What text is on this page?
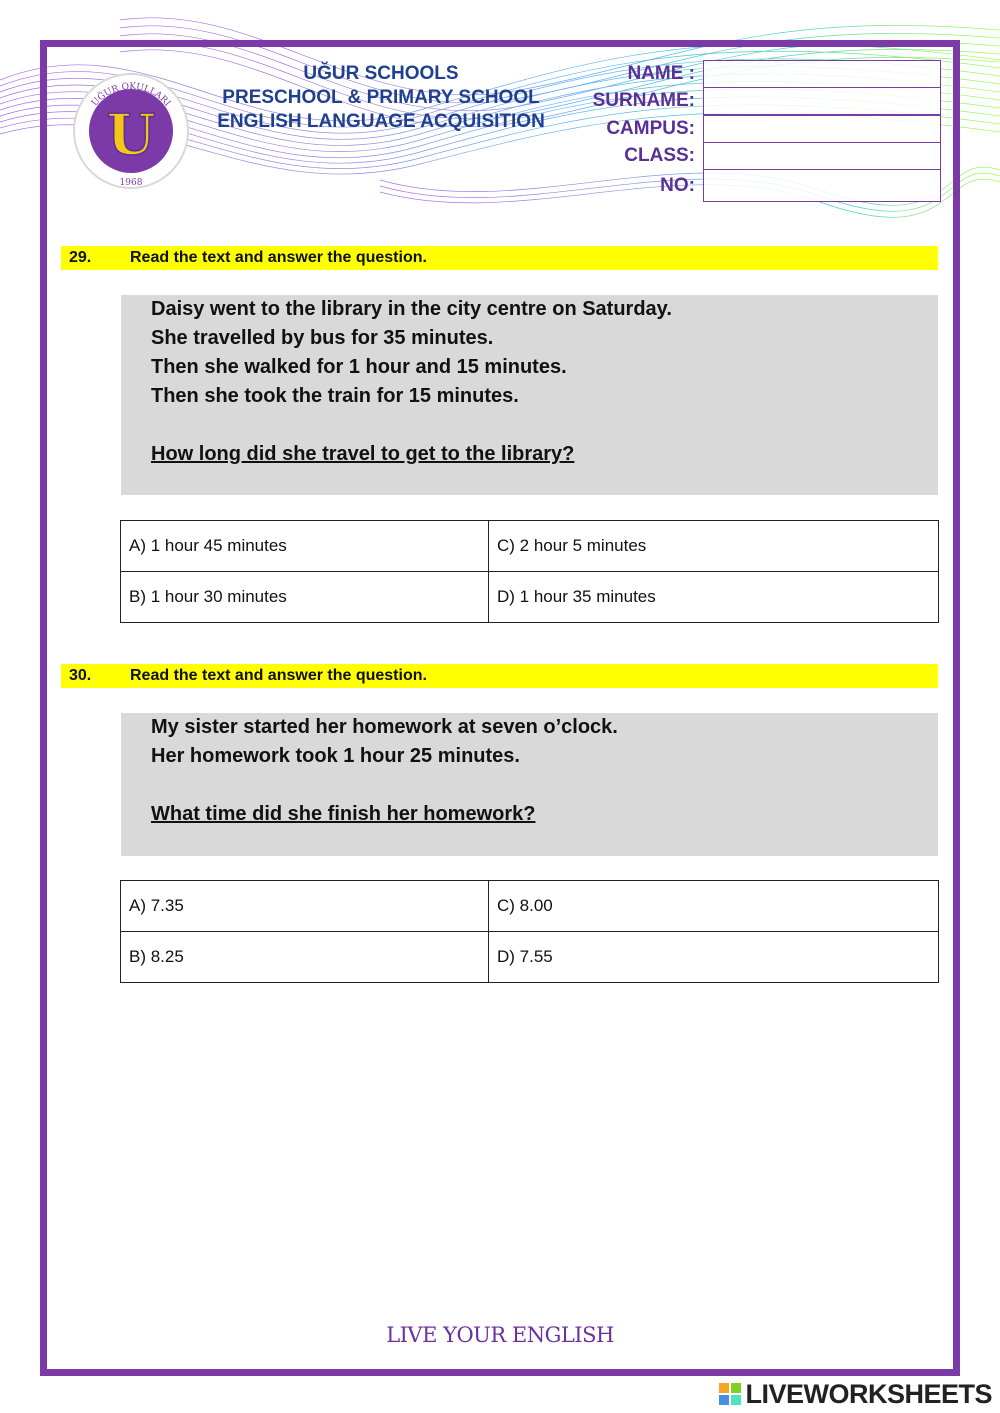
UĞUR OKULLARI
U
1968
UĞUR SCHOOLS
PRESCHOOL & PRIMARY SCHOOL
ENGLISH LANGUAGE ACQUISITION
NAME :
SURNAME:
CAMPUS:
CLASS:
NO:
29. Read the text and answer the question.
Daisy went to the library in the city centre on Saturday.
She travelled by bus for 35 minutes.
Then she walked for 1 hour and 15 minutes.
Then she took the train for 15 minutes.
How long did she travel to get to the library?
A) 1 hour 45 minutes	C) 2 hour 5 minutes
B) 1 hour 30 minutes	D) 1 hour 35 minutes
30. Read the text and answer the question.
My sister started her homework at seven o’clock.
Her homework took 1 hour 25 minutes.
What time did she finish her homework?
A) 7.35	C) 8.00
B) 8.25	D) 7.55
LIVE YOUR ENGLISH
LIVEWORKSHEETS
